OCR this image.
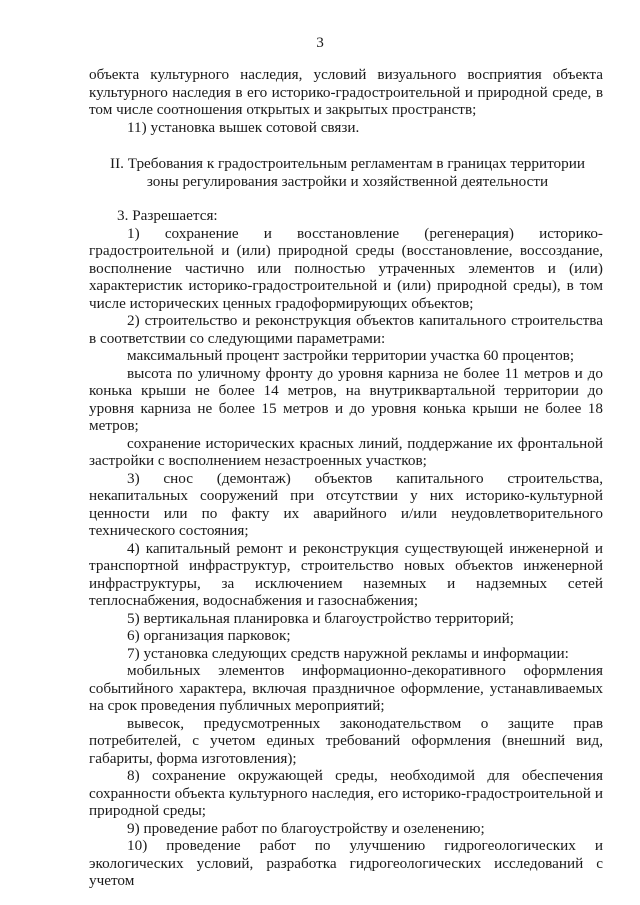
3

объекта культурного наследия, условий визуального восприятия объекта культурного наследия в его историко-градостроительной и природной среде, в том числе соотношения открытых и закрытых пространств;

11) установка вышек сотовой связи.

II. Требования к градостроительным регламентам в границах территории зоны регулирования застройки и хозяйственной деятельности

3. Разрешается:

1) сохранение и восстановление (регенерация) историко-градостроительной и (или) природной среды (восстановление, воссоздание, восполнение частично или полностью утраченных элементов и (или) характеристик историко-градостроительной и (или) природной среды), в том числе исторических ценных градоформирующих объектов;

2) строительство и реконструкция объектов капитального строительства в соответствии со следующими параметрами:

максимальный процент застройки территории участка 60 процентов;

высота по уличному фронту до уровня карниза не более 11 метров и до конька крыши не более 14 метров, на внутриквартальной территории до уровня карниза не более 15 метров и до уровня конька крыши не более 18 метров;

сохранение исторических красных линий, поддержание их фронтальной застройки с восполнением незастроенных участков;

3) снос (демонтаж) объектов капитального строительства, некапитальных сооружений при отсутствии у них историко-культурной ценности или по факту их аварийного и/или неудовлетворительного технического состояния;

4) капитальный ремонт и реконструкция существующей инженерной и транспортной инфраструктур, строительство новых объектов инженерной инфраструктуры, за исключением наземных и надземных сетей теплоснабжения, водоснабжения и газоснабжения;

5) вертикальная планировка и благоустройство территорий;

6) организация парковок;

7) установка следующих средств наружной рекламы и информации:

мобильных элементов информационно-декоративного оформления событийного характера, включая праздничное оформление, устанавливаемых на срок проведения публичных мероприятий;

вывесок, предусмотренных законодательством о защите прав потребителей, с учетом единых требований оформления (внешний вид, габариты, форма изготовления);

8) сохранение окружающей среды, необходимой для обеспечения сохранности объекта культурного наследия, его историко-градостроительной и природной среды;

9) проведение работ по благоустройству и озеленению;

10) проведение работ по улучшению гидрогеологических и экологических условий, разработка гидрогеологических исследований с учетом
